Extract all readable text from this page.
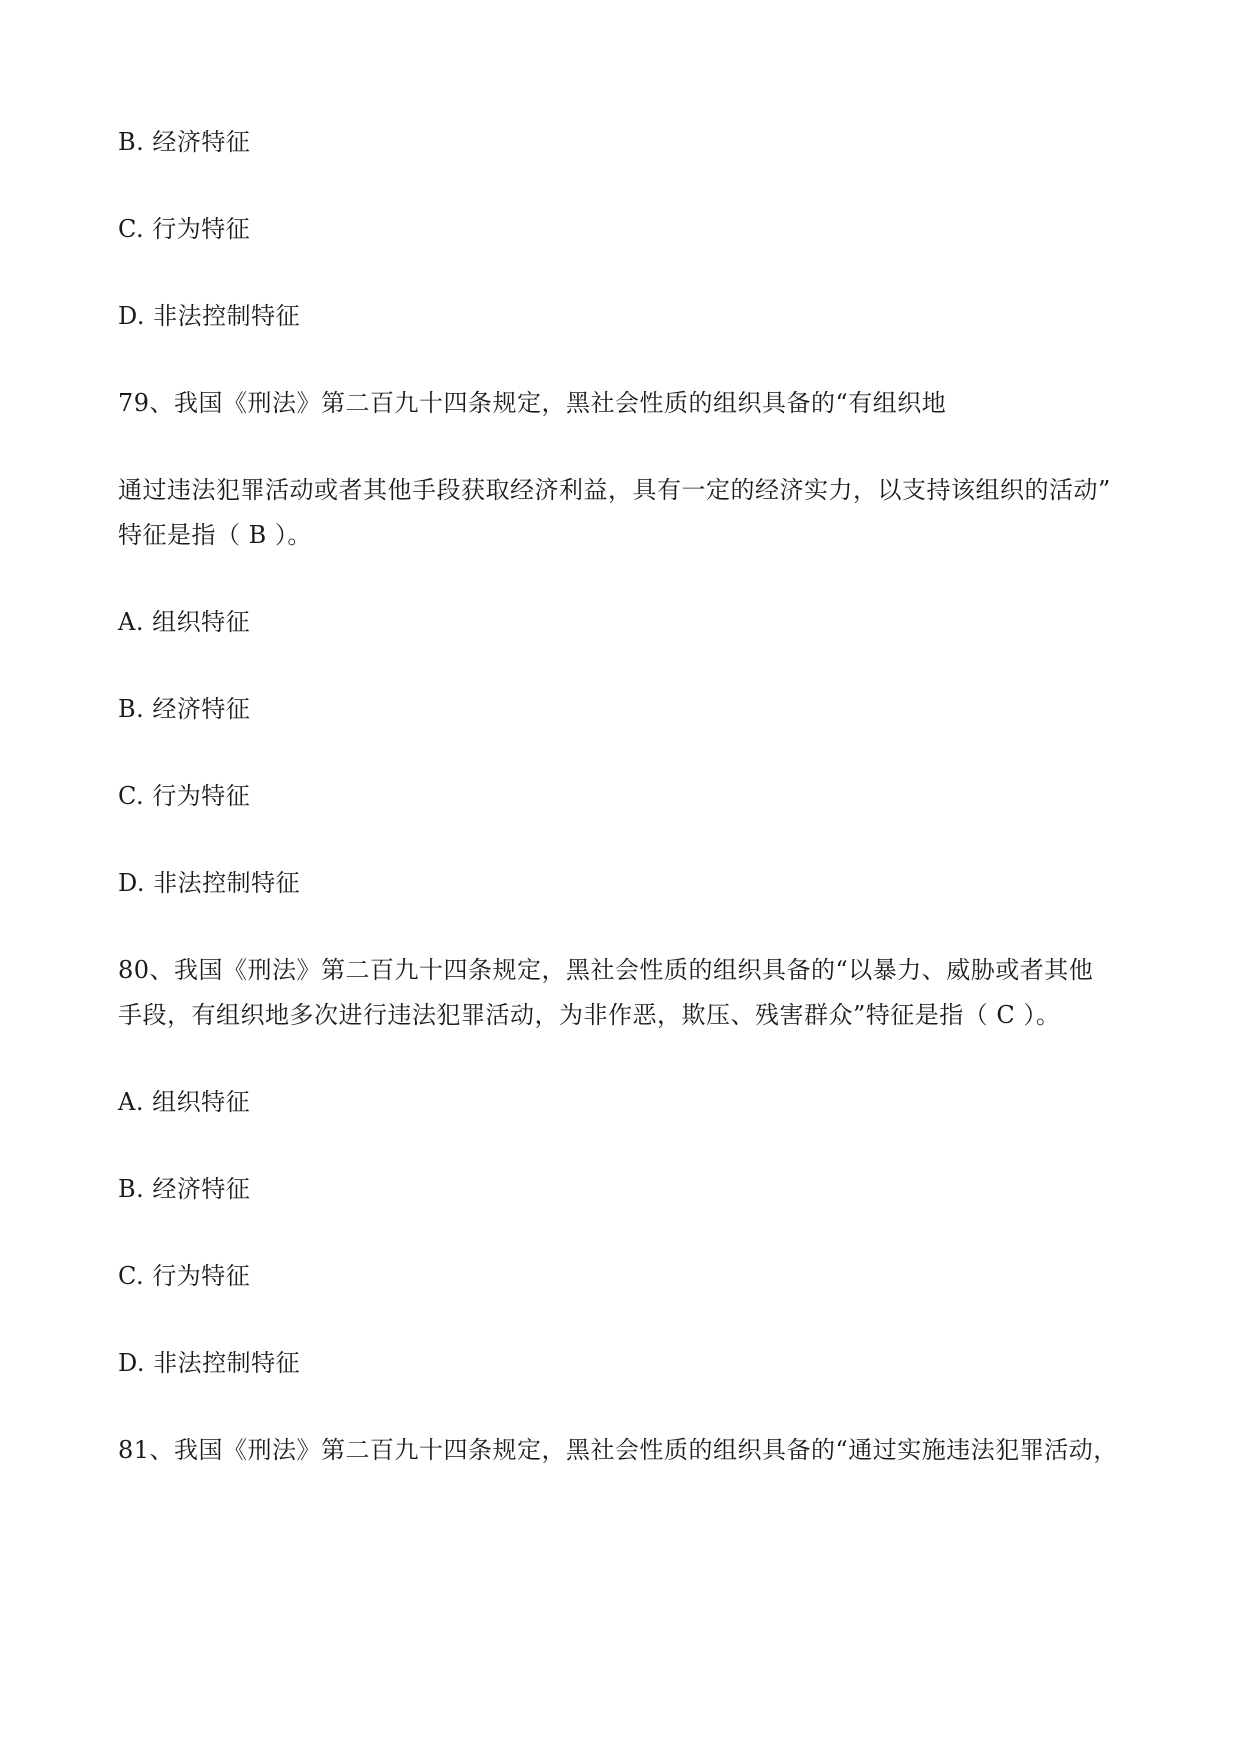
B. 经济特征
C. 行为特征
D. 非法控制特征
79、我国《刑法》第二百九十四条规定，黑社会性质的组织具备的“有组织地
通过违法犯罪活动或者其他手段获取经济利益，具有一定的经济实力，以支持该组织的活动”
特征是指（ B ）。
A. 组织特征
B. 经济特征
C. 行为特征
D. 非法控制特征
80、我国《刑法》第二百九十四条规定，黑社会性质的组织具备的“以暴力、威胁或者其他
手段，有组织地多次进行违法犯罪活动，为非作恶，欺压、残害群众”特征是指（ C ）。
A. 组织特征
B. 经济特征
C. 行为特征
D. 非法控制特征
81、我国《刑法》第二百九十四条规定，黑社会性质的组织具备的“通过实施违法犯罪活动，
